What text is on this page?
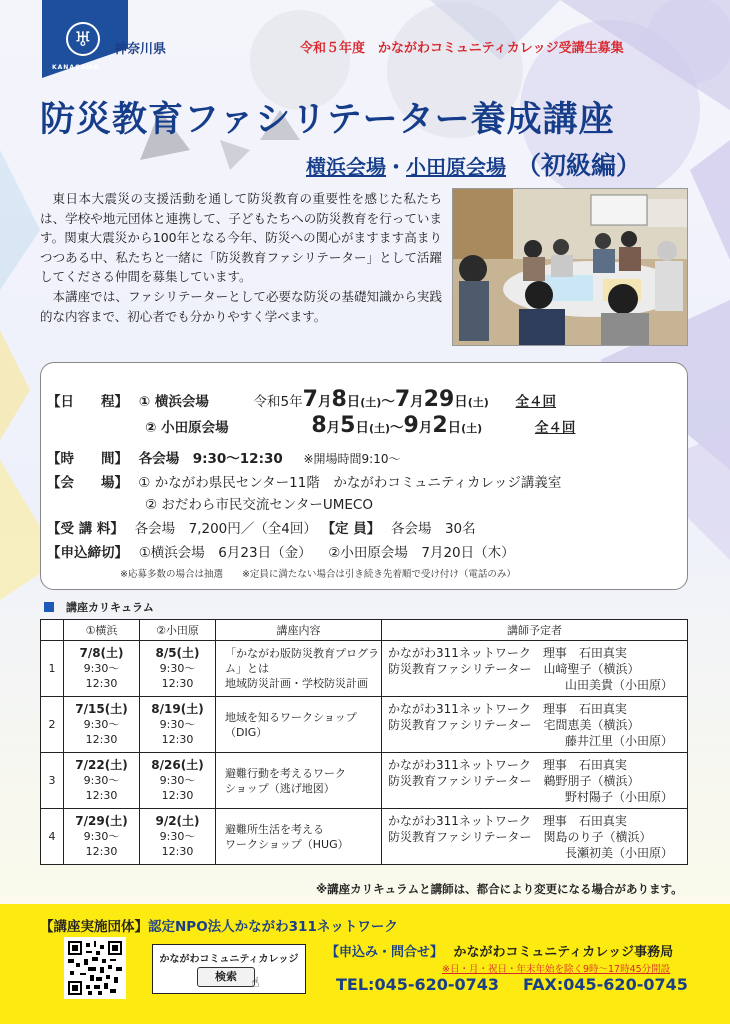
♅
KANAGAWA
神奈川県	令和５年度　かながわコミュニティカレッジ受講生募集
防災教育ファシリテーター養成講座
横浜会場・小田原会場 （初級編）

東日本大震災の支援活動を通して防災教育の重要性を感じた私たちは、学校や地元団体と連携して、子どもたちへの防災教育を行っています。関東大震災から100年となる今年、防災への関心がますます高まりつつある中、私たちと一緒に「防災教育ファシリテーター」として活躍してくださる仲間を募集しています。

本講座では、ファシリテーターとして必要な防災の基礎知識から実践的な内容まで、初心者でも分かりやすく学べます。

【日　　程】 ① 横浜会場	令和5年7月8日(土)〜7月29日(土) 全４回
② 小田原会場	8月5日(土)〜9月2日(土)	全４回
【時　　間】 各会場　9:30〜12:30 ※開場時間9:10〜
【会　　場】 ① かながわ県民センター11階　かながわコミュニティカレッジ講義室
② おだわら市民交流センターUMECO
【受 講 料】 各会場　7,200円／（全4回） 【定 員】 各会場　30名
【申込締切】 ①横浜会場　6月23日（金） ②小田原会場　7月20日（木）
※応募多数の場合は抽選　　※定員に満たない場合は引き続き先着順で受け付け（電話のみ）
講座カリキュラム
	①横浜	②小田原	講座内容	講師予定者
1	7/8(土)
9:30〜
12:30	8/5(土)
9:30〜
12:30	「かながわ版防災教育プログラム」とは
地域防災計画・学校防災計画	かながわ311ネットワーク　 理事　石田真実
防災教育ファシリテーター　 山﨑聖子（横浜）
山田美貴（小田原）

2	7/15(土)
9:30〜
12:30	8/19(土)
9:30〜
12:30	地域を知るワークショップ
（DIG）	かながわ311ネットワーク　 理事　石田真実
防災教育ファシリテーター　 宅間恵美（横浜）
藤井江里（小田原）

3	7/22(土)
9:30〜
12:30	8/26(土)
9:30〜
12:30	避難行動を考えるワーク
ショップ（逃げ地図）	かながわ311ネットワーク　 理事　石田真実
防災教育ファシリテーター　 鵜野朋子（横浜）
野村陽子（小田原）

4	7/29(土)
9:30〜
12:30	9/2(土)
9:30〜
12:30	避難所生活を考える
ワークショップ（HUG）	かながわ311ネットワーク　 理事　石田真実
防災教育ファシリテーター　 関島のり子（横浜）
長瀬初美（小田原）
※講座カリキュラムと講師は、都合により変更になる場合があります。
【講座実施団体】認定NPO法人かながわ311ネットワーク
かながわコミュニティカレッジ
検索	☝
【申込み・問合せ】 かながわコミュニティカレッジ事務局
※日・月・祝日・年末年始を除く9時〜17時45分開設
TEL:045-620-0743 FAX:045-620-0745
